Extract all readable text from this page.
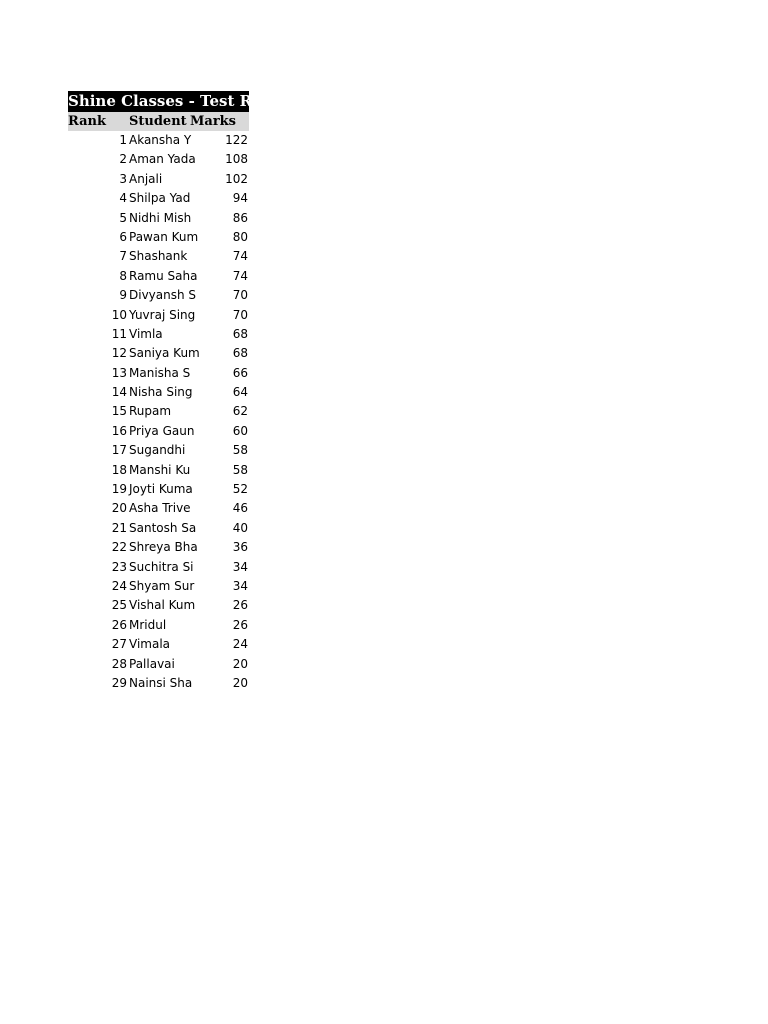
Shine Classes - Test Re
Rank Student Marks
1 Akansha Y	122
2 Aman Yada	108
3 Anjali	102
4 Shilpa Yad	94
5 Nidhi Mish	86
6 Pawan Kum	80
7 Shashank	74
8 Ramu Saha	74
9 Divyansh S	70
10 Yuvraj Sing	70
11 Vimla	68
12 Saniya Kum	68
13 Manisha S	66
14 Nisha Sing	64
15 Rupam	62
16 Priya Gaun	60
17 Sugandhi	58
18 Manshi Ku	58
19 Joyti Kuma	52
20 Asha Trive	46
21 Santosh Sa	40
22 Shreya Bha	36
23 Suchitra Si	34
24 Shyam Sur	34
25 Vishal Kum	26
26 Mridul	26
27 Vimala	24
28 Pallavai	20
29 Nainsi Sha	20
